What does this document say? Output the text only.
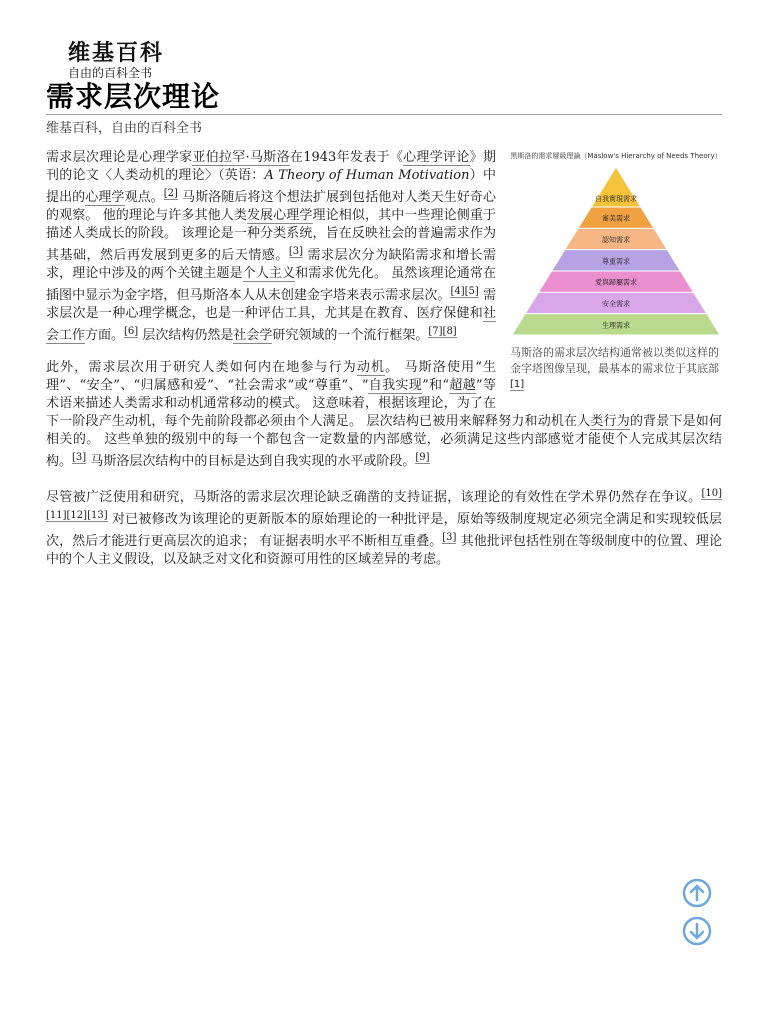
维基百科
自由的百科全书
需求层次理论
维基百科，自由的百科全书
黑斯洛的需求層級理論（Maslow's Hierarchy of Needs Theory）
自我實現需求
審美需求
認知需求
尊重需求
愛與歸屬需求
安全需求
生理需求
马斯洛的需求层次结构通常被以类似这样的金字塔图像呈现，最基本的需求位于其底部[1]

需求层次理论是心理学家亚伯拉罕·马斯洛在1943年发表于《心理学评论》期刊的论文〈人类动机的理论〉（英语：A Theory of Human Motivation）中提出的心理学观点。[2] 马斯洛随后将这个想法扩展到包括他对人类天生好奇心的观察。 他的理论与许多其他人类发展心理学理论相似，其中一些理论侧重于描述人类成长的阶段。 该理论是一种分类系统，旨在反映社会的普遍需求作为其基础，然后再发展到更多的后天情感。[3] 需求层次分为缺陷需求和增长需求，理论中涉及的两个关键主题是个人主义和需求优先化。 虽然该理论通常在插图中显示为金字塔，但马斯洛本人从未创建金字塔来表示需求层次。[4][5] 需求层次是一种心理学概念，也是一种评估工具，尤其是在教育、医疗保健和社会工作方面。[6] 层次结构仍然是社会学研究领域的一个流行框架。[7][8]

此外，需求层次用于研究人类如何内在地参与行为动机。 马斯洛使用“生理”、“安全”、“归属感和爱”、“社会需求”或“尊重”、“自我实现”和“超越”等术语来描述人类需求和动机通常移动的模式。 这意味着，根据该理论，为了在下一阶段产生动机，每个先前阶段都必须由个人满足。 层次结构已被用来解释努力和动机在人类行为的背景下是如何相关的。 这些单独的级别中的每一个都包含一定数量的内部感觉，必须满足这些内部感觉才能使个人完成其层次结构。[3] 马斯洛层次结构中的目标是达到自我实现的水平或阶段。[9]

尽管被广泛使用和研究，马斯洛的需求层次理论缺乏确凿的支持证据，该理论的有效性在学术界仍然存在争议。[10][11][12][13] 对已被修改为该理论的更新版本的原始理论的一种批评是，原始等级制度规定必须完全满足和实现较低层次，然后才能进行更高层次的追求； 有证据表明水平不断相互重叠。[3] 其他批评包括性别在等级制度中的位置、理论中的个人主义假设，以及缺乏对文化和资源可用性的区域差异的考虑。
